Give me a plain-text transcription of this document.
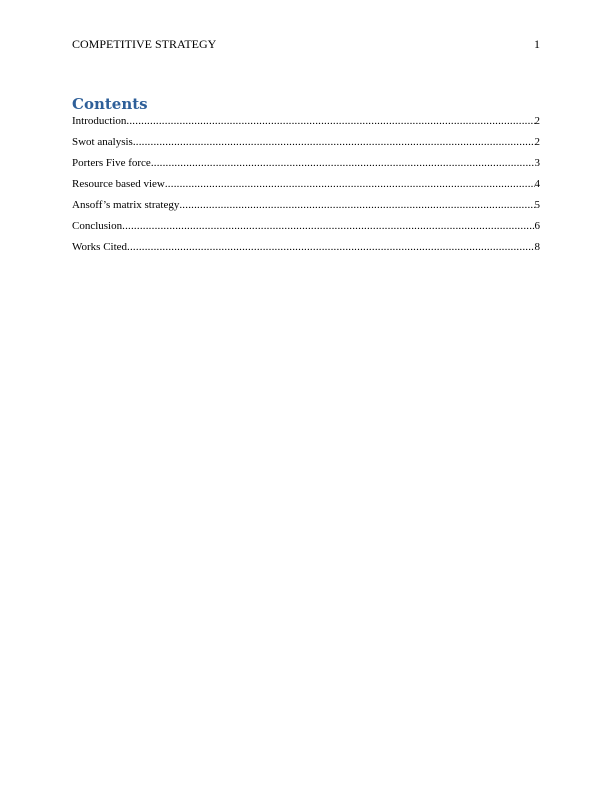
COMPETITIVE STRATEGY	1
Contents
Introduction .....	2
Swot analysis .....	2
Porters Five force .....	3
Resource based view .....	4
Ansoff’s matrix strategy .....	5
Conclusion .....	6
Works Cited .....	8
